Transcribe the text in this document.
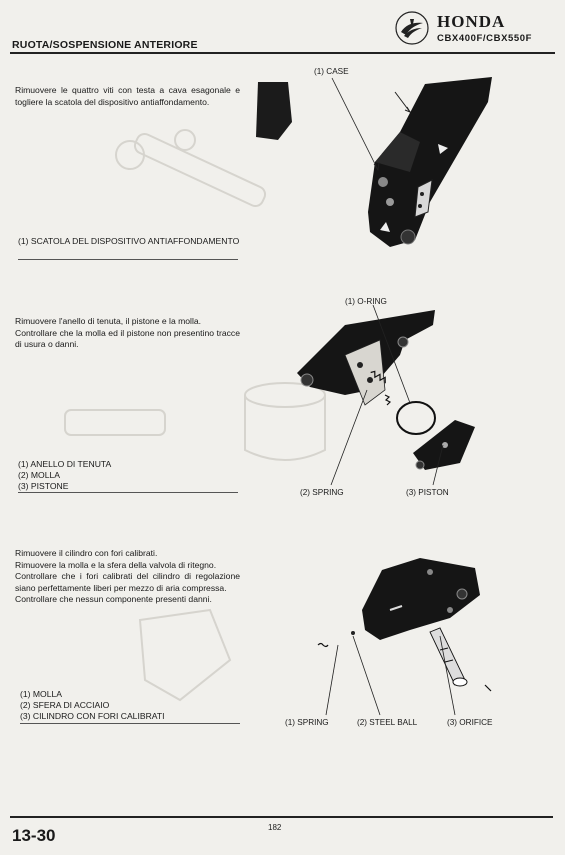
RUOTA/SOSPENSIONE ANTERIORE
HONDA
CBX400F/CBX550F
Rimuovere le quattro viti con testa a cava esagonale e togliere la scatola del dispositivo antiaffondamento.
(1) SCATOLA DEL DISPOSITIVO ANTIAFFONDAMENTO
(1) CASE
Rimuovere l'anello di tenuta, il pistone e la molla.
Controllare che la molla ed il pistone non presentino tracce di usura o danni.
(1) ANELLO DI TENUTA
(2) MOLLA
(3) PISTONE
(1) O-RING
(2) SPRING	(3) PISTON
Rimuovere il cilindro con fori calibrati.
Rimuovere la molla e la sfera della valvola di ritegno.
Controllare che i fori calibrati del cilindro di regolazione siano perfettamente liberi per mezzo di aria compressa.
Controllare che nessun componente presenti danni.
(1) MOLLA
(2) SFERA DI ACCIAIO
(3) CILINDRO CON FORI CALIBRATI
(1) SPRING	(2) STEEL BALL	(3) ORIFICE
13-30	182
